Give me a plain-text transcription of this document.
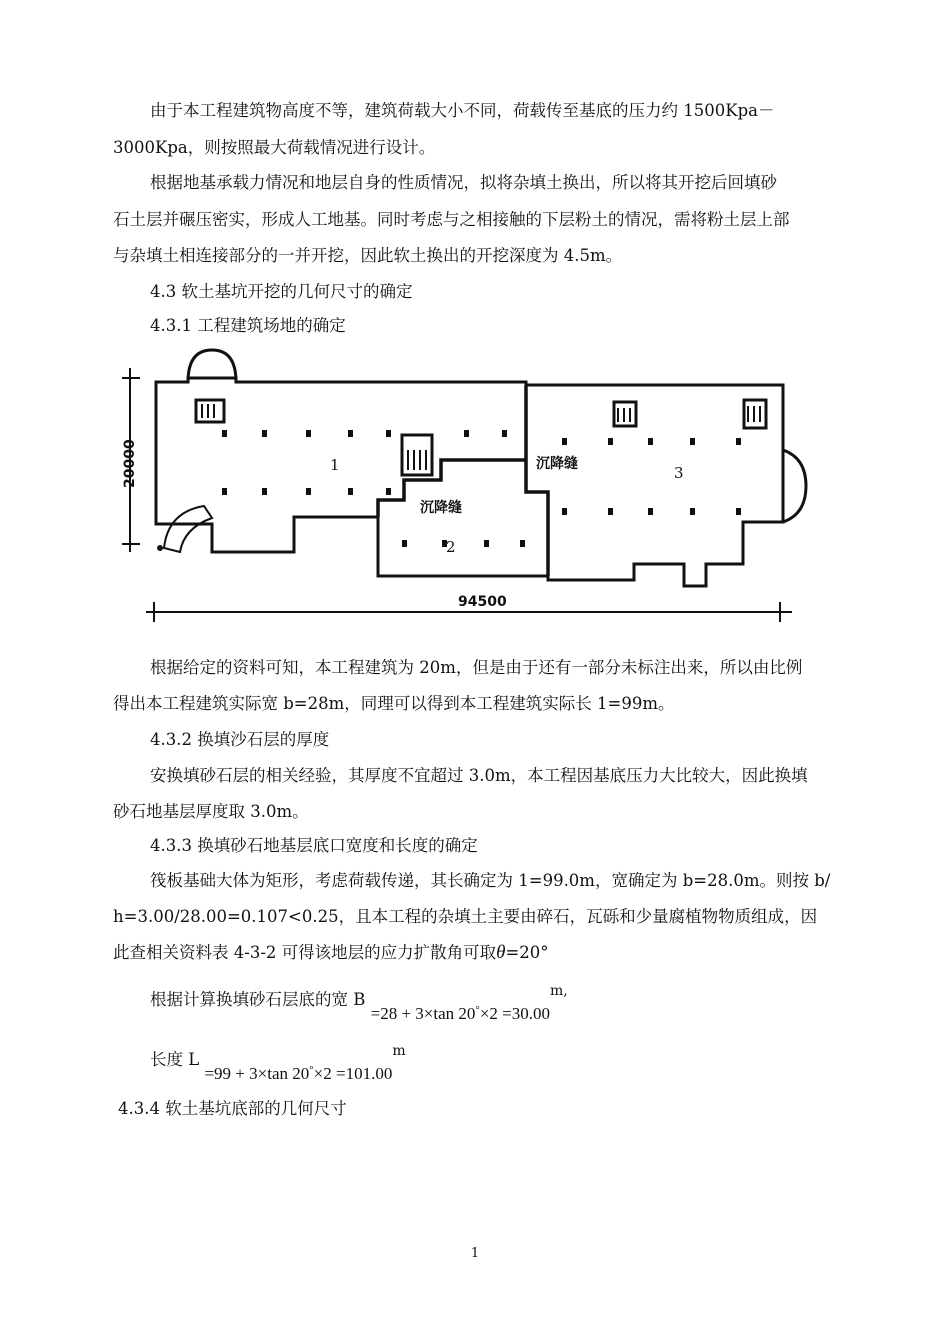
由于本工程建筑物高度不等，建筑荷载大小不同，荷载传至基底的压力约 1500Kpa－
3000Kpa，则按照最大荷载情况进行设计。
根据地基承载力情况和地层自身的性质情况，拟将杂填土换出，所以将其开挖后回填砂
石土层并碾压密实，形成人工地基。同时考虑与之相接触的下层粉土的情况，需将粉土层上部
与杂填土相连接部分的一并开挖，因此软土换出的开挖深度为 4.5m。
4.3 软土基坑开挖的几何尺寸的确定
4.3.1 工程建筑场地的确定
20000
94500
1
2
3
沉降缝
沉降缝
根据给定的资料可知，本工程建筑为 20m，但是由于还有一部分未标注出来，所以由比例
得出本工程建筑实际宽 b=28m，同理可以得到本工程建筑实际长 1=99m。
4.3.2 换填沙石层的厚度
安换填砂石层的相关经验，其厚度不宜超过 3.0m，本工程因基底压力大比较大，因此换填
砂石地基层厚度取 3.0m。
4.3.3 换填砂石地基层底口宽度和长度的确定
筏板基础大体为矩形，考虑荷载传递，其长确定为 1=99.0m，宽确定为 b=28.0m。则按 b/
h=3.00/28.00=0.107<0.25，且本工程的杂填土主要由碎石，瓦砾和少量腐植物物质组成，因
此查相关资料表 4-3-2 可得该地层的应力扩散角可取θ=20°
根据计算换填砂石层底的宽 B =28 + 3×tan $20^\circ\times 2 =30.00^{m,}$
长度 L =99 + 3×tan $20^\circ\times 2 =101.00^m$
4.3.4 软土基坑底部的几何尺寸
1
